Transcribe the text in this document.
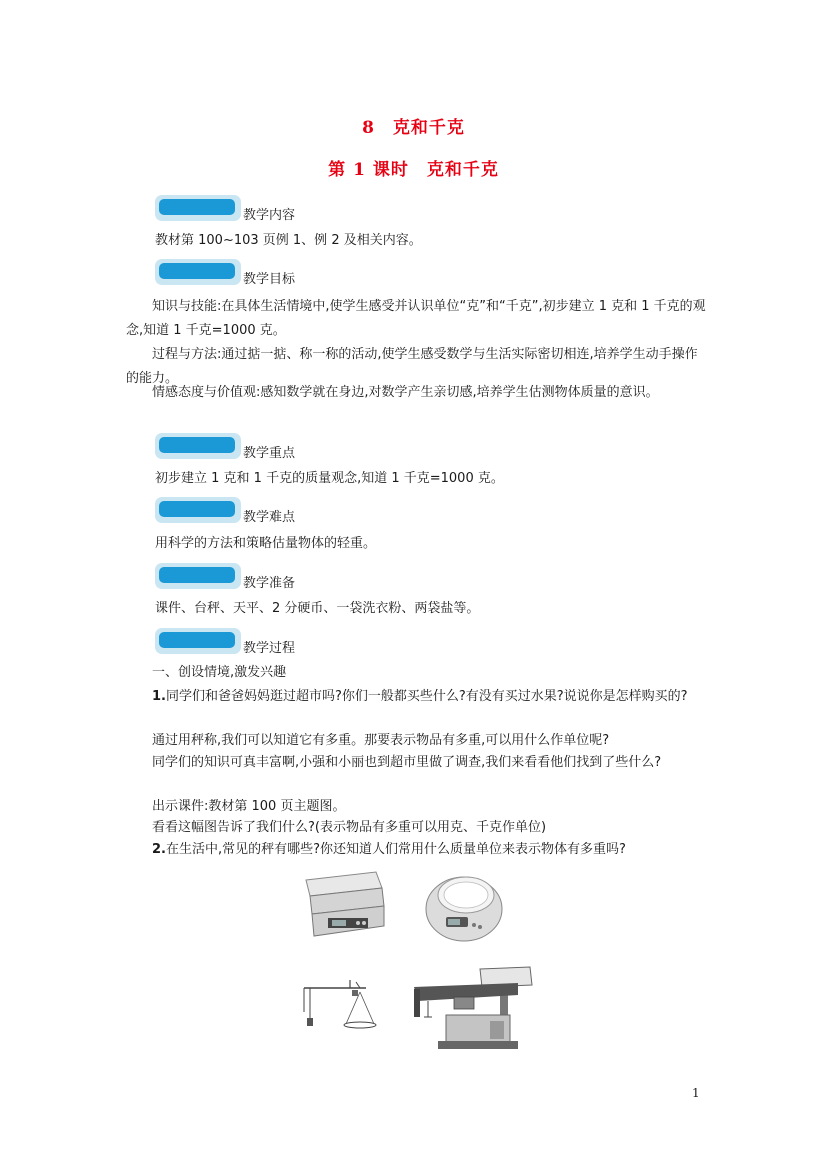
8　克和千克
第 1 课时　克和千克
教学内容
教材第 100~103 页例 1、例 2 及相关内容。
教学目标
知识与技能:在具体生活情境中,使学生感受并认识单位“克”和“千克”,初步建立 1 克和 1 千克的观念,知道 1 千克=1000 克。
过程与方法:通过掂一掂、称一称的活动,使学生感受数学与生活实际密切相连,培养学生动手操作的能力。
情感态度与价值观:感知数学就在身边,对数学产生亲切感,培养学生估测物体质量的意识。
教学重点
初步建立 1 克和 1 千克的质量观念,知道 1 千克=1000 克。
教学难点
用科学的方法和策略估量物体的轻重。
教学准备
课件、台秤、天平、2 分硬币、一袋洗衣粉、两袋盐等。
教学过程
一、创设情境,激发兴趣
1.同学们和爸爸妈妈逛过超市吗?你们一般都买些什么?有没有买过水果?说说你是怎样购买的?
通过用秤称,我们可以知道它有多重。那要表示物品有多重,可以用什么作单位呢?
同学们的知识可真丰富啊,小强和小丽也到超市里做了调查,我们来看看他们找到了些什么?
出示课件:教材第 100 页主题图。
看看这幅图告诉了我们什么?(表示物品有多重可以用克、千克作单位)
2.在生活中,常见的秤有哪些?你还知道人们常用什么质量单位来表示物体有多重吗?
1
